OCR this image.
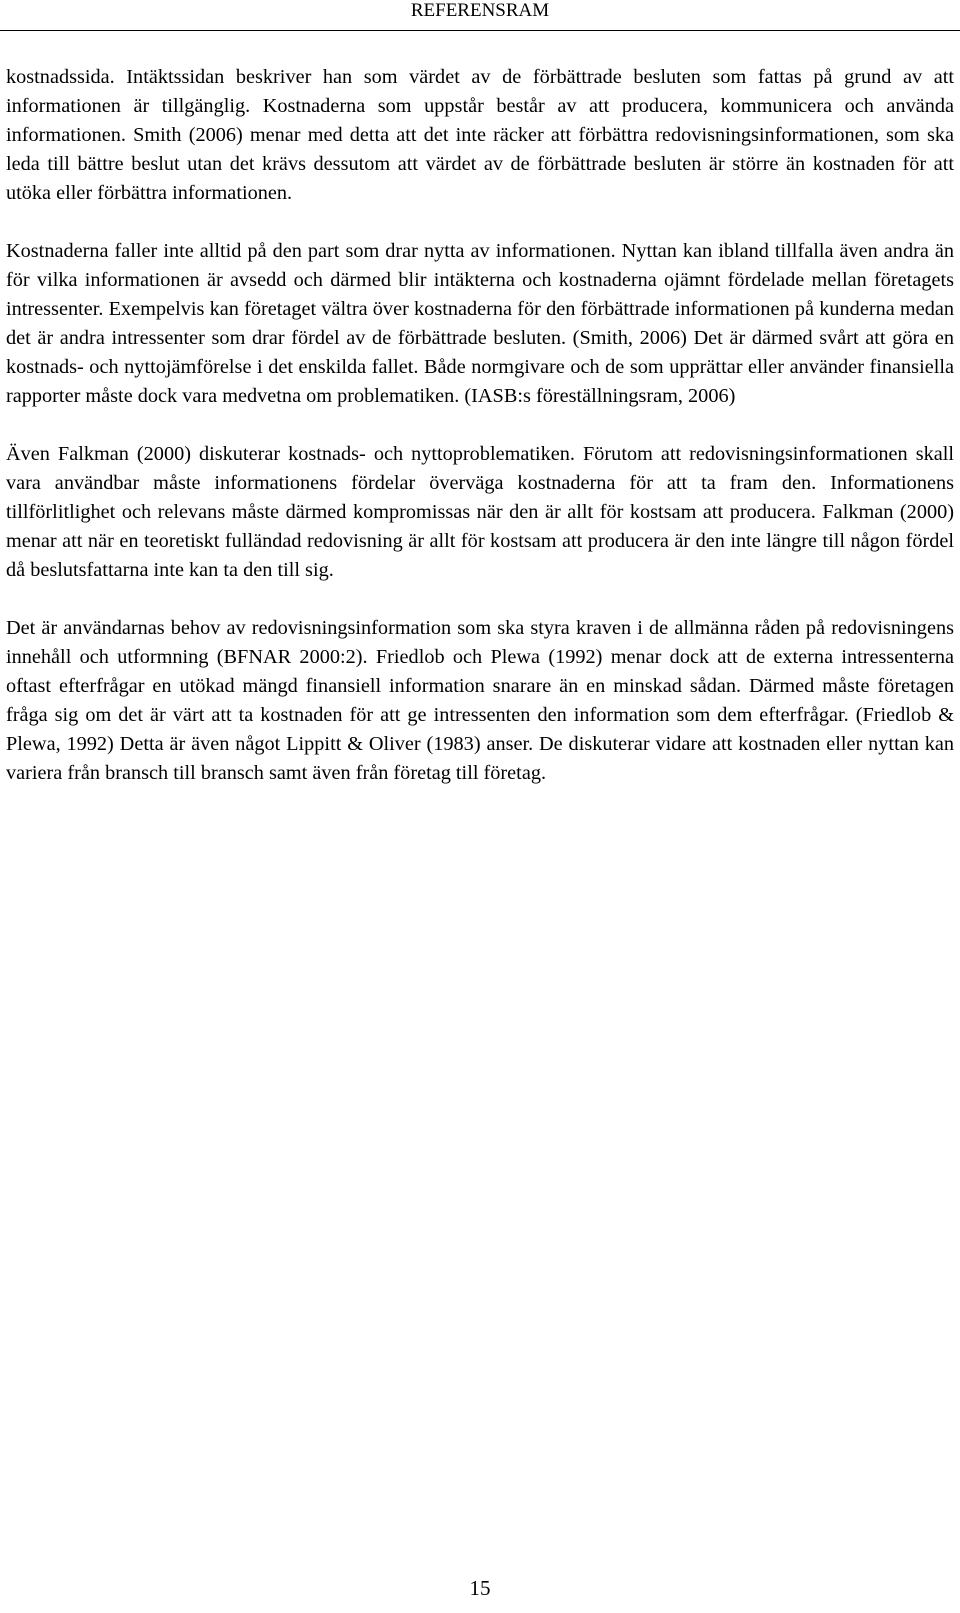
REFERENSRAM

kostnadssida. Intäktssidan beskriver han som värdet av de förbättrade besluten som fattas på grund av att informationen är tillgänglig. Kostnaderna som uppstår består av att producera, kommunicera och använda informationen. Smith (2006) menar med detta att det inte räcker att förbättra redovisningsinformationen, som ska leda till bättre beslut utan det krävs dessutom att värdet av de förbättrade besluten är större än kostnaden för att utöka eller förbättra informationen.

Kostnaderna faller inte alltid på den part som drar nytta av informationen. Nyttan kan ibland tillfalla även andra än för vilka informationen är avsedd och därmed blir intäkterna och kostnaderna ojämnt fördelade mellan företagets intressenter. Exempelvis kan företaget vältra över kostnaderna för den förbättrade informationen på kunderna medan det är andra intressenter som drar fördel av de förbättrade besluten. (Smith, 2006) Det är därmed svårt att göra en kostnads- och nyttojämförelse i det enskilda fallet. Både normgivare och de som upprättar eller använder finansiella rapporter måste dock vara medvetna om problematiken. (IASB:s föreställningsram, 2006)

Även Falkman (2000) diskuterar kostnads- och nyttoproblematiken. Förutom att redovisningsinformationen skall vara användbar måste informationens fördelar överväga kostnaderna för att ta fram den. Informationens tillförlitlighet och relevans måste därmed kompromissas när den är allt för kostsam att producera. Falkman (2000) menar att när en teoretiskt fulländad redovisning är allt för kostsam att producera är den inte längre till någon fördel då beslutsfattarna inte kan ta den till sig.

Det är användarnas behov av redovisningsinformation som ska styra kraven i de allmänna råden på redovisningens innehåll och utformning (BFNAR 2000:2). Friedlob och Plewa (1992) menar dock att de externa intressenterna oftast efterfrågar en utökad mängd finansiell information snarare än en minskad sådan. Därmed måste företagen fråga sig om det är värt att ta kostnaden för att ge intressenten den information som dem efterfrågar. (Friedlob & Plewa, 1992) Detta är även något Lippitt & Oliver (1983) anser. De diskuterar vidare att kostnaden eller nyttan kan variera från bransch till bransch samt även från företag till företag.

15
